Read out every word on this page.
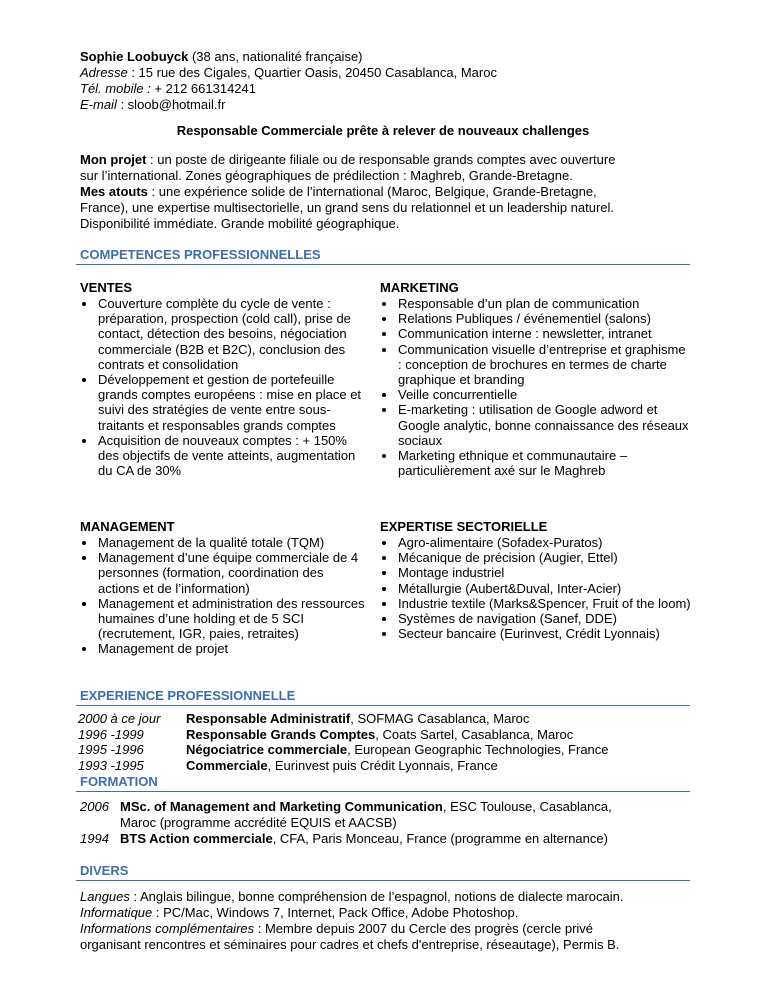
Sophie Loobuyck (38 ans, nationalité française)
Adresse : 15 rue des Cigales, Quartier Oasis, 20450 Casablanca, Maroc
Tél. mobile : + 212 661314241
E-mail : sloob@hotmail.fr
Responsable Commerciale prête à relever de nouveaux challenges
Mon projet : un poste de dirigeante filiale ou de responsable grands comptes avec ouverture
sur l’international. Zones géographiques de prédilection : Maghreb, Grande-Bretagne.
Mes atouts : une expérience solide de l’international (Maroc, Belgique, Grande-Bretagne,
France), une expertise multisectorielle, un grand sens du relationnel et un leadership naturel.
Disponibilité immédiate. Grande mobilité géographique.
COMPETENCES PROFESSIONNELLES
VENTES
Couverture complète du cycle de vente : préparation, prospection (cold call), prise de contact, détection des besoins, négociation commerciale (B2B et B2C), conclusion des contrats et consolidation
Développement et gestion de portefeuille grands comptes européens : mise en place et suivi des stratégies de vente entre sous-traitants et responsables grands comptes
Acquisition de nouveaux comptes : + 150% des objectifs de vente atteints, augmentation du CA de 30%
MARKETING
Responsable d’un plan de communication
Relations Publiques / événementiel (salons)
Communication interne : newsletter, intranet
Communication visuelle d’entreprise et graphisme : conception de brochures en termes de charte graphique et branding
Veille concurrentielle
E-marketing : utilisation de Google adword et Google analytic, bonne connaissance des réseaux sociaux
Marketing ethnique et communautaire – particulièrement axé sur le Maghreb
MANAGEMENT
Management de la qualité totale (TQM)
Management d’une équipe commerciale de 4 personnes (formation, coordination des actions et de l’information)
Management et administration des ressources humaines d’une holding et de 5 SCI (recrutement, IGR, paies, retraites)
Management de projet
EXPERTISE SECTORIELLE
Agro-alimentaire (Sofadex-Puratos)
Mécanique de précision (Augier, Ettel)
Montage industriel
Métallurgie (Aubert&Duval, Inter-Acier)
Industrie textile (Marks&Spencer, Fruit of the loom)
Systèmes de navigation (Sanef, DDE)
Secteur bancaire (Eurinvest, Crédit Lyonnais)
EXPERIENCE PROFESSIONNELLE
2000 à ce jour Responsable Administratif, SOFMAG Casablanca, Maroc
1996 -1999	Responsable Grands Comptes, Coats Sartel, Casablanca, Maroc
1995 -1996	Négociatrice commerciale, European Geographic Technologies, France
1993 -1995	Commerciale, Eurinvest puis Crédit Lyonnais, France
FORMATION
2006 MSc. of Management and Marketing Communication, ESC Toulouse, Casablanca,
Maroc (programme accrédité EQUIS et AACSB)
1994 BTS Action commerciale, CFA, Paris Monceau, France (programme en alternance)
DIVERS
Langues : Anglais bilingue, bonne compréhension de l’espagnol, notions de dialecte marocain.
Informatique : PC/Mac, Windows 7, Internet, Pack Office, Adobe Photoshop.
Informations complémentaires : Membre depuis 2007 du Cercle des progrès (cercle privé
organisant rencontres et séminaires pour cadres et chefs d'entreprise, réseautage), Permis B.
